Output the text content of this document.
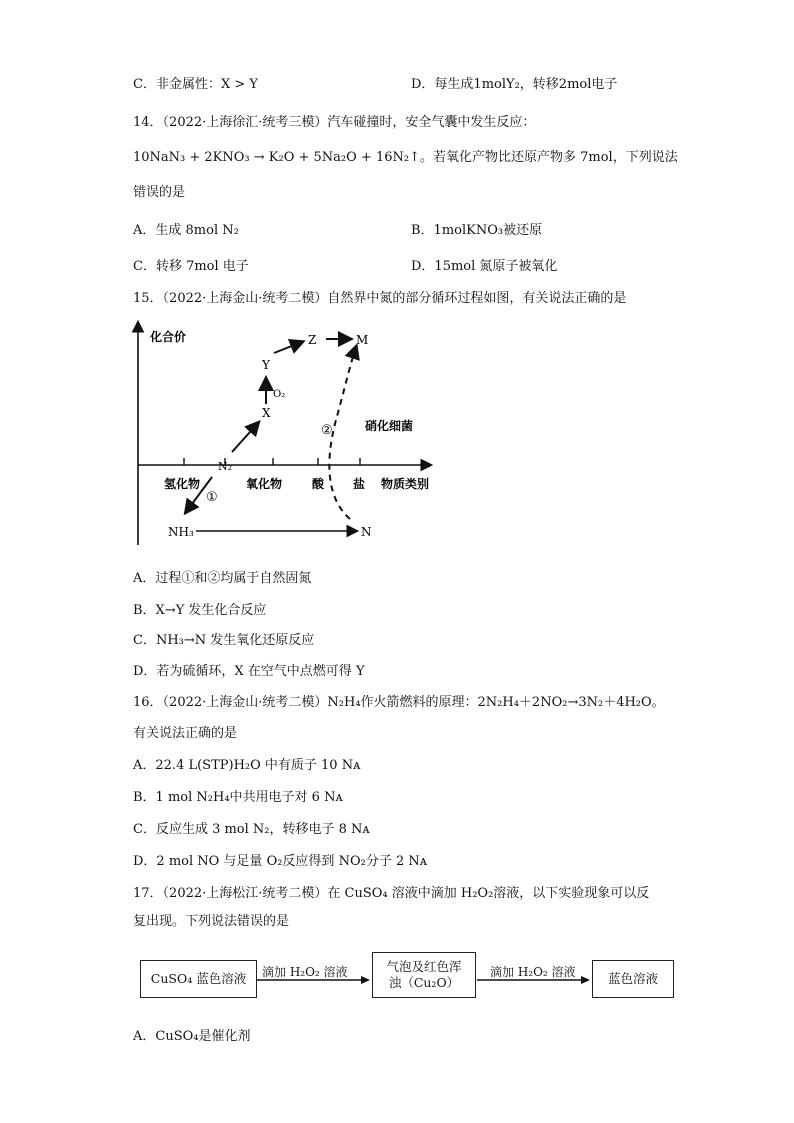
C．非金属性：X > Y	D．每生成1molY₂，转移2mol电子
14．（2022·上海徐汇·统考三模）汽车碰撞时，安全气囊中发生反应：
10NaN₃ + 2KNO₃ → K₂O + 5Na₂O + 16N₂↑。若氧化产物比还原产物多 7mol，下列说法
错误的是
A．生成 8mol N₂	B．1molKNO₃被还原
C．转移 7mol 电子	D．15mol 氮原子被氧化
15．（2022·上海金山·统考二模）自然界中氮的部分循环过程如图，有关说法正确的是
化合价
物质类别
氢化物	氧化物 酸 盐
N₂
X
Y
Z	M
NH₃	N
O₂
①
②	硝化细菌
A．过程①和②均属于自然固氮
B．X→Y 发生化合反应
C．NH₃→N 发生氧化还原反应
D．若为硫循环，X 在空气中点燃可得 Y
16．（2022·上海金山·统考二模）N₂H₄作火箭燃料的原理：2N₂H₄＋2NO₂→3N₂＋4H₂O。
有关说法正确的是
A．22.4 L(STP)H₂O 中有质子 10 Nᴀ
B．1 mol N₂H₄中共用电子对 6 Nᴀ
C．反应生成 3 mol N₂，转移电子 8 Nᴀ
D．2 mol NO 与足量 O₂反应得到 NO₂分子 2 Nᴀ
17．（2022·上海松江·统考二模）在 CuSO₄ 溶液中滴加 H₂O₂溶液，以下实验现象可以反
复出现。下列说法错误的是
CuSO₄ 蓝色溶液	滴加 H₂O₂ 溶液	气泡及红色浑
浊（Cu₂O）
滴加 H₂O₂ 溶液	蓝色溶液
A．CuSO₄是催化剂
